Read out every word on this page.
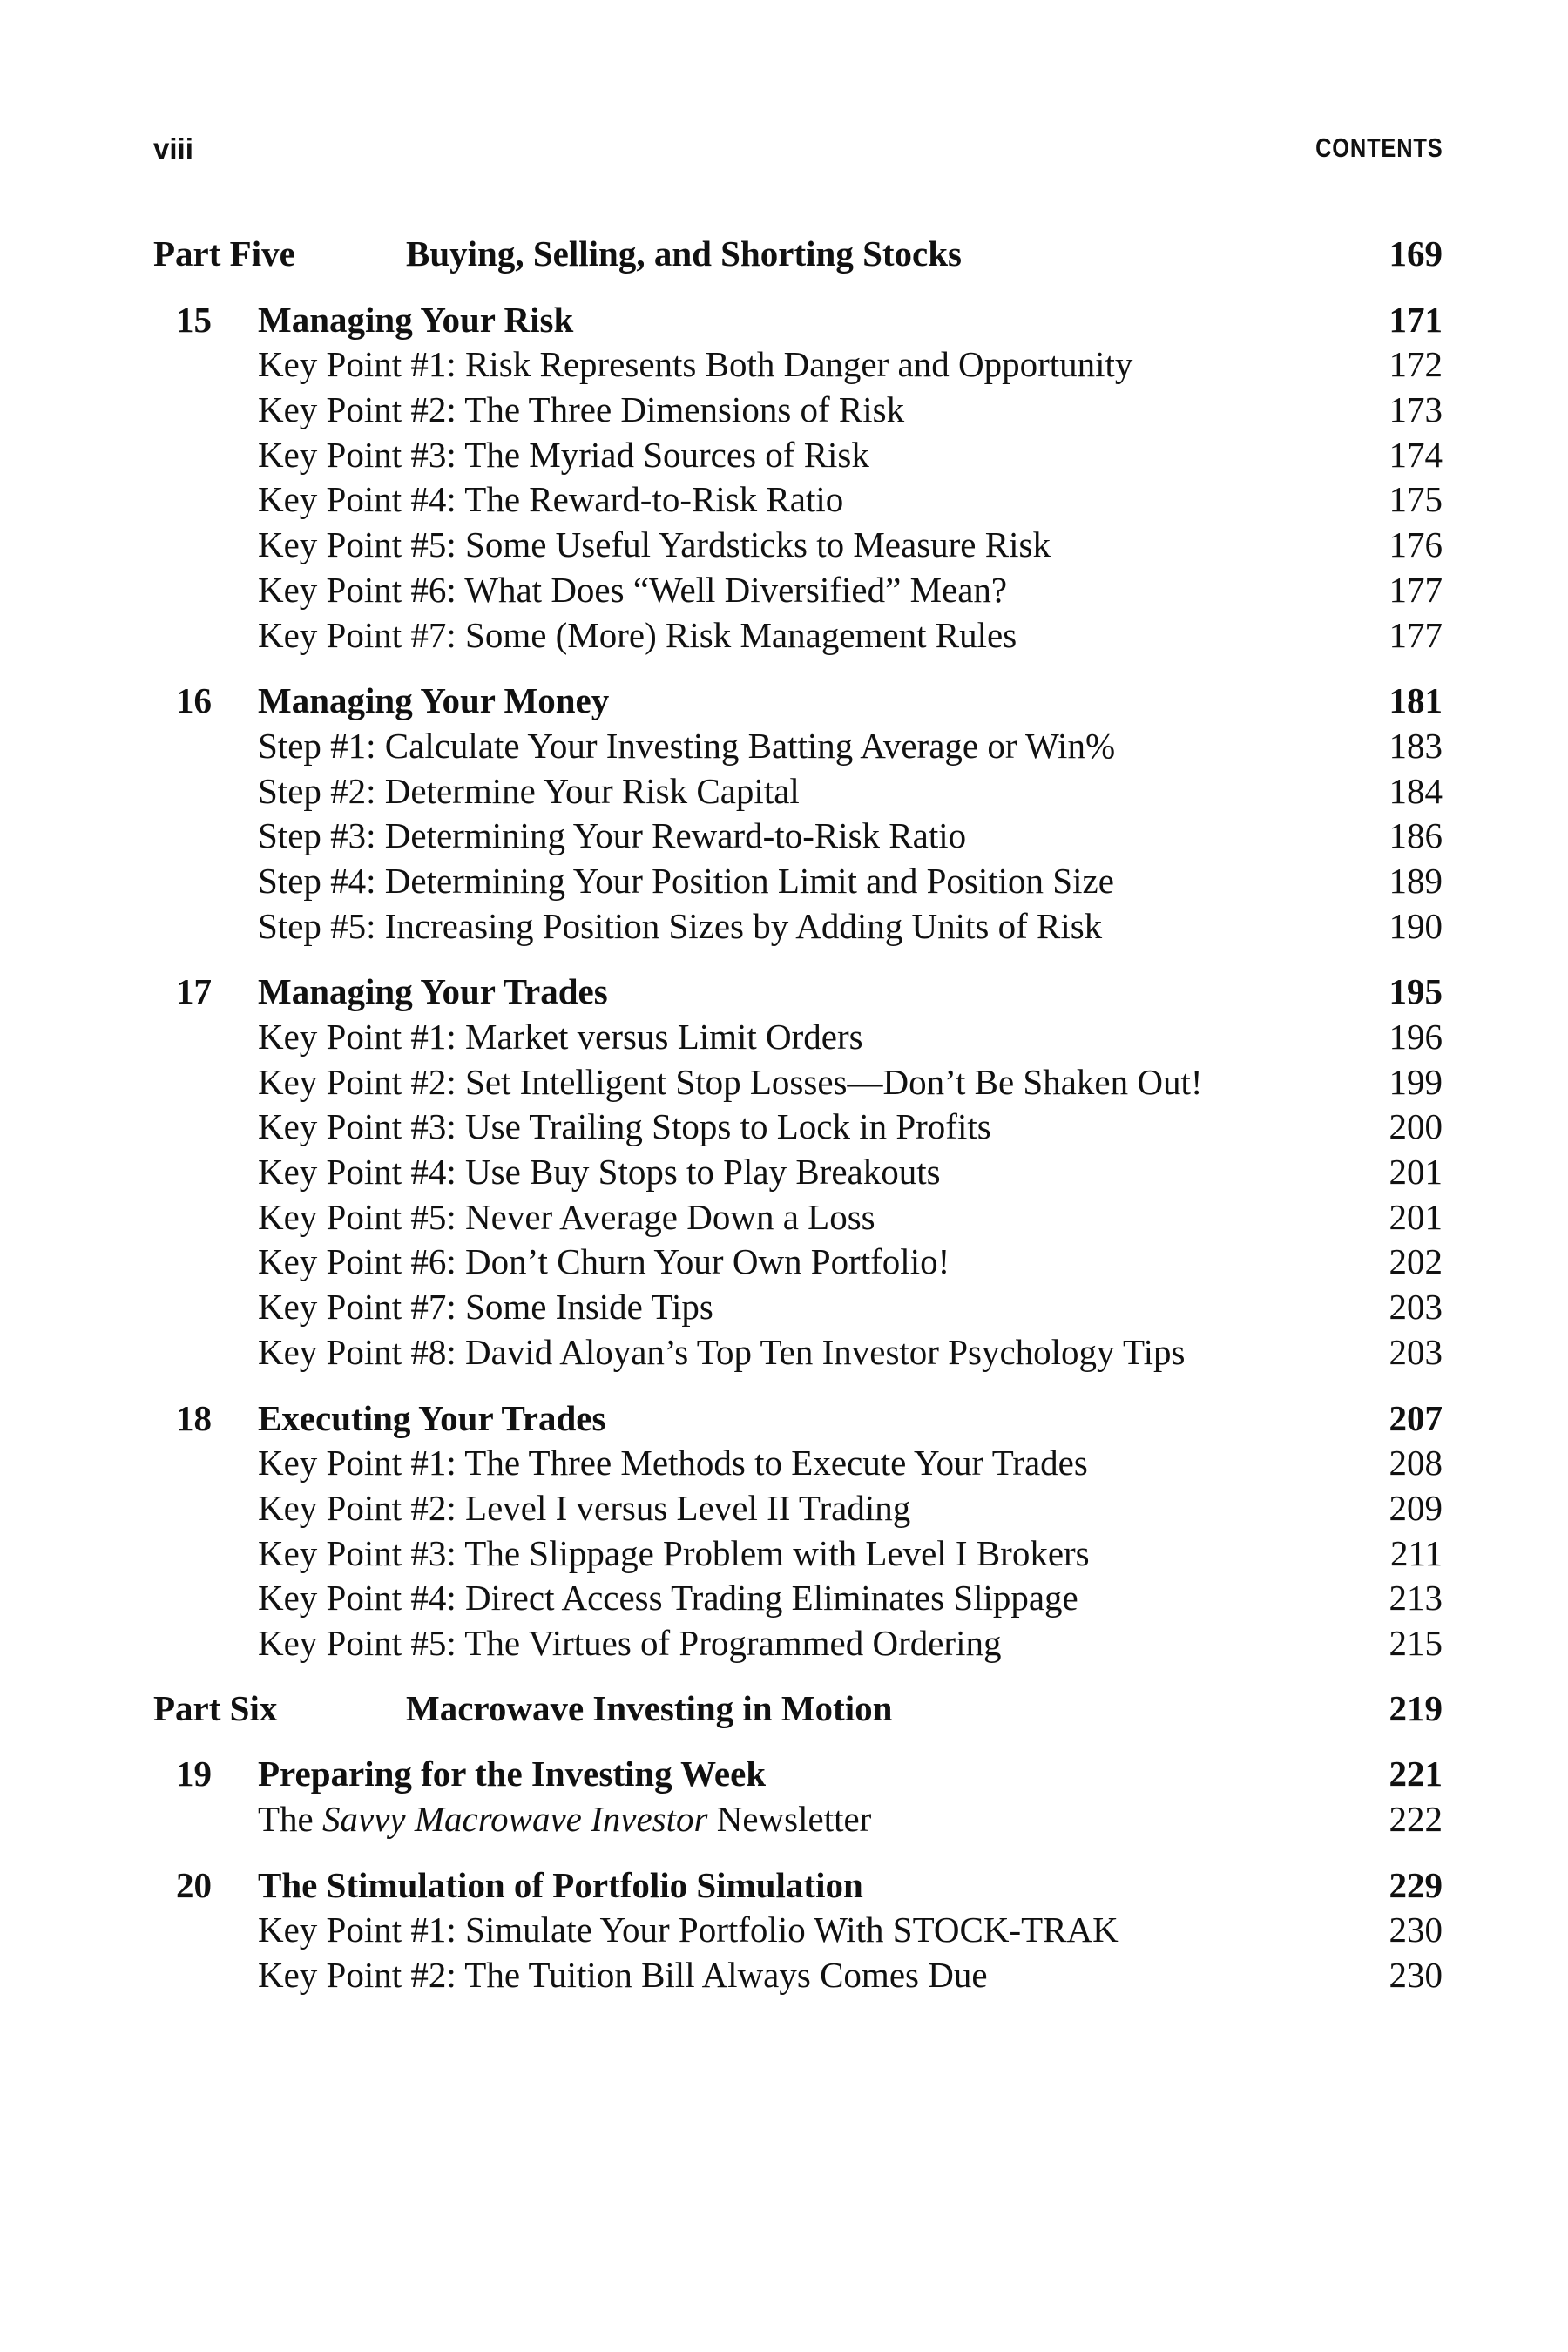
viii	CONTENTS
Part Five	Buying, Selling, and Shorting Stocks	169
15 Managing Your Risk	171
Key Point #1: Risk Represents Both Danger and Opportunity	172
Key Point #2: The Three Dimensions of Risk	173
Key Point #3: The Myriad Sources of Risk	174
Key Point #4: The Reward-to-Risk Ratio	175
Key Point #5: Some Useful Yardsticks to Measure Risk	176
Key Point #6: What Does “Well Diversified” Mean?	177
Key Point #7: Some (More) Risk Management Rules	177
16 Managing Your Money	181
Step #1: Calculate Your Investing Batting Average or Win%	183
Step #2: Determine Your Risk Capital	184
Step #3: Determining Your Reward-to-Risk Ratio	186
Step #4: Determining Your Position Limit and Position Size	189
Step #5: Increasing Position Sizes by Adding Units of Risk	190
17 Managing Your Trades	195
Key Point #1: Market versus Limit Orders	196
Key Point #2: Set Intelligent Stop Losses—Don’t Be Shaken Out!	199
Key Point #3: Use Trailing Stops to Lock in Profits	200
Key Point #4: Use Buy Stops to Play Breakouts	201
Key Point #5: Never Average Down a Loss	201
Key Point #6: Don’t Churn Your Own Portfolio!	202
Key Point #7: Some Inside Tips	203
Key Point #8: David Aloyan’s Top Ten Investor Psychology Tips	203
18 Executing Your Trades	207
Key Point #1: The Three Methods to Execute Your Trades	208
Key Point #2: Level I versus Level II Trading	209
Key Point #3: The Slippage Problem with Level I Brokers	211
Key Point #4: Direct Access Trading Eliminates Slippage	213
Key Point #5: The Virtues of Programmed Ordering	215
Part Six	Macrowave Investing in Motion	219
19 Preparing for the Investing Week	221
The Savvy Macrowave Investor Newsletter	222
20 The Stimulation of Portfolio Simulation	229
Key Point #1: Simulate Your Portfolio With STOCK-TRAK	230
Key Point #2: The Tuition Bill Always Comes Due	230
